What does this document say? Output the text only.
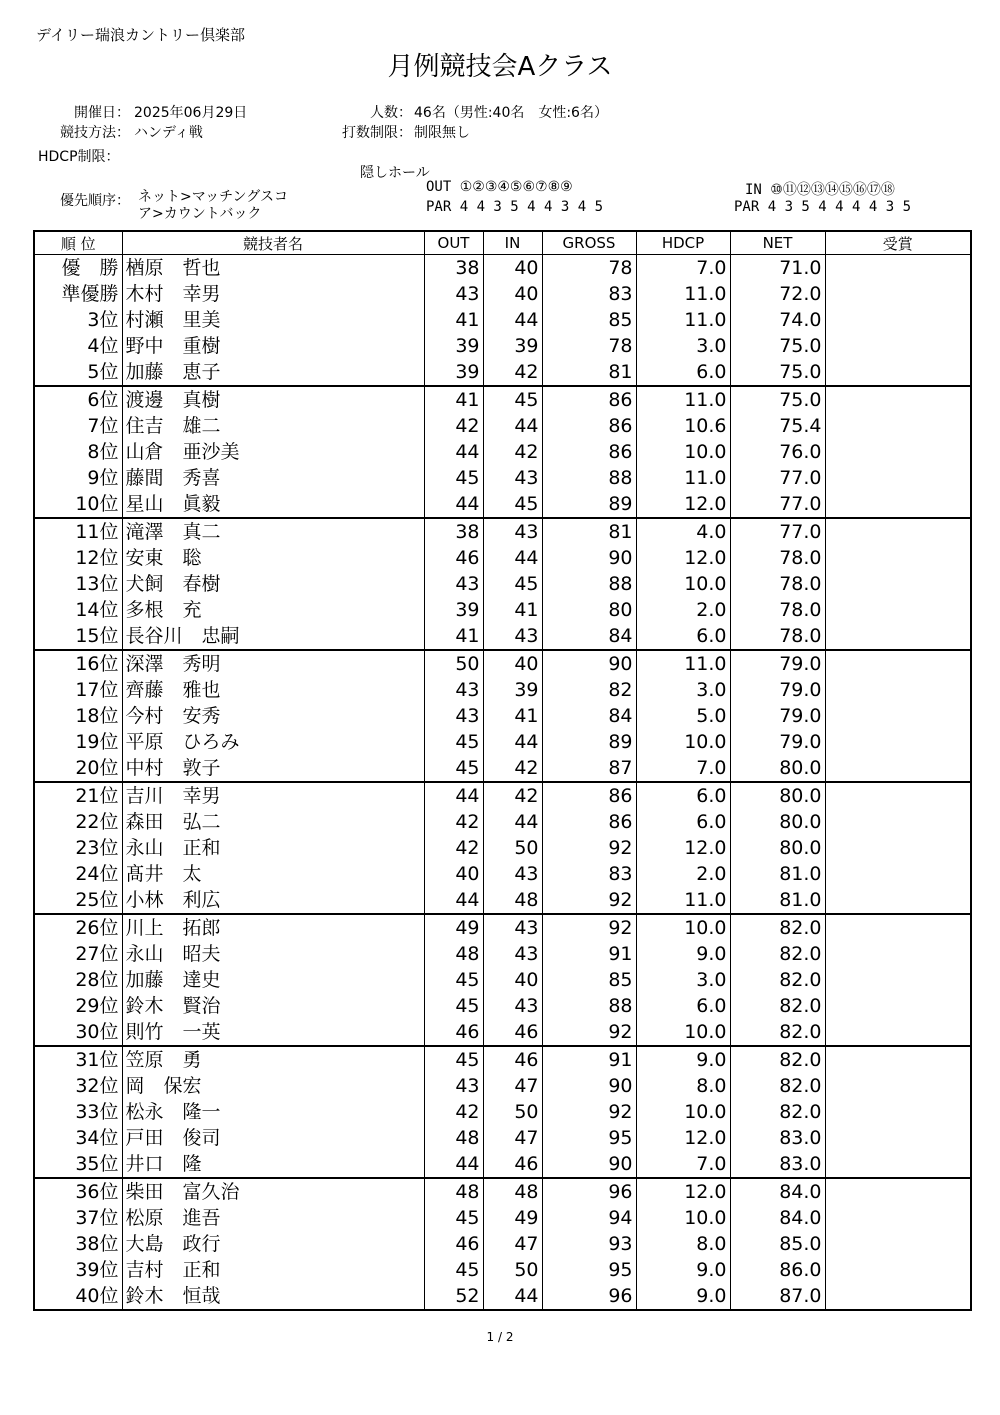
デイリー瑞浪カントリー倶楽部
月例競技会Aクラス
開催日： 2025年06月29日
競技方法： ハンディ戦
HDCP制限：
人数： 46名（男性:40名　女性:6名）
打数制限： 制限無し
優先順序： ネット>マッチングスコ
ア>カウントバック
隠しホール
OUT ①②③④⑤⑥⑦⑧⑨
PAR 4 4 3 5 4 4 3 4 5
IN ⑩⑪⑫⑬⑭⑮⑯⑰⑱
PAR 4 3 5 4 4 4 4 3 5
順 位	競技者名	OUT	IN	GROSS	HDCP	NET	受賞
優　勝	楢原　哲也	38	40	78	7.0	71.0	
準優勝	木村　幸男	43	40	83	11.0	72.0	
3位	村瀬　里美	41	44	85	11.0	74.0	
4位	野中　重樹	39	39	78	3.0	75.0	
5位	加藤　恵子	39	42	81	6.0	75.0	
6位	渡邊　真樹	41	45	86	11.0	75.0	
7位	住吉　雄二	42	44	86	10.6	75.4	
8位	山倉　亜沙美	44	42	86	10.0	76.0	
9位	藤間　秀喜	45	43	88	11.0	77.0	
10位	星山　眞毅	44	45	89	12.0	77.0	
11位	滝澤　真二	38	43	81	4.0	77.0	
12位	安東　聡	46	44	90	12.0	78.0	
13位	犬飼　春樹	43	45	88	10.0	78.0	
14位	多根　充	39	41	80	2.0	78.0	
15位	長谷川　忠嗣	41	43	84	6.0	78.0	
16位	深澤　秀明	50	40	90	11.0	79.0	
17位	齊藤　雅也	43	39	82	3.0	79.0	
18位	今村　安秀	43	41	84	5.0	79.0	
19位	平原　ひろみ	45	44	89	10.0	79.0	
20位	中村　敦子	45	42	87	7.0	80.0	
21位	吉川　幸男	44	42	86	6.0	80.0	
22位	森田　弘二	42	44	86	6.0	80.0	
23位	永山　正和	42	50	92	12.0	80.0	
24位	髙井　太	40	43	83	2.0	81.0	
25位	小林　利広	44	48	92	11.0	81.0	
26位	川上　拓郎	49	43	92	10.0	82.0	
27位	永山　昭夫	48	43	91	9.0	82.0	
28位	加藤　達史	45	40	85	3.0	82.0	
29位	鈴木　賢治	45	43	88	6.0	82.0	
30位	則竹　一英	46	46	92	10.0	82.0	
31位	笠原　勇	45	46	91	9.0	82.0	
32位	岡　保宏	43	47	90	8.0	82.0	
33位	松永　隆一	42	50	92	10.0	82.0	
34位	戸田　俊司	48	47	95	12.0	83.0	
35位	井口　隆	44	46	90	7.0	83.0	
36位	柴田　富久治	48	48	96	12.0	84.0	
37位	松原　進吾	45	49	94	10.0	84.0	
38位	大島　政行	46	47	93	8.0	85.0	
39位	吉村　正和	45	50	95	9.0	86.0	
40位	鈴木　恒哉	52	44	96	9.0	87.0	
1 / 2
